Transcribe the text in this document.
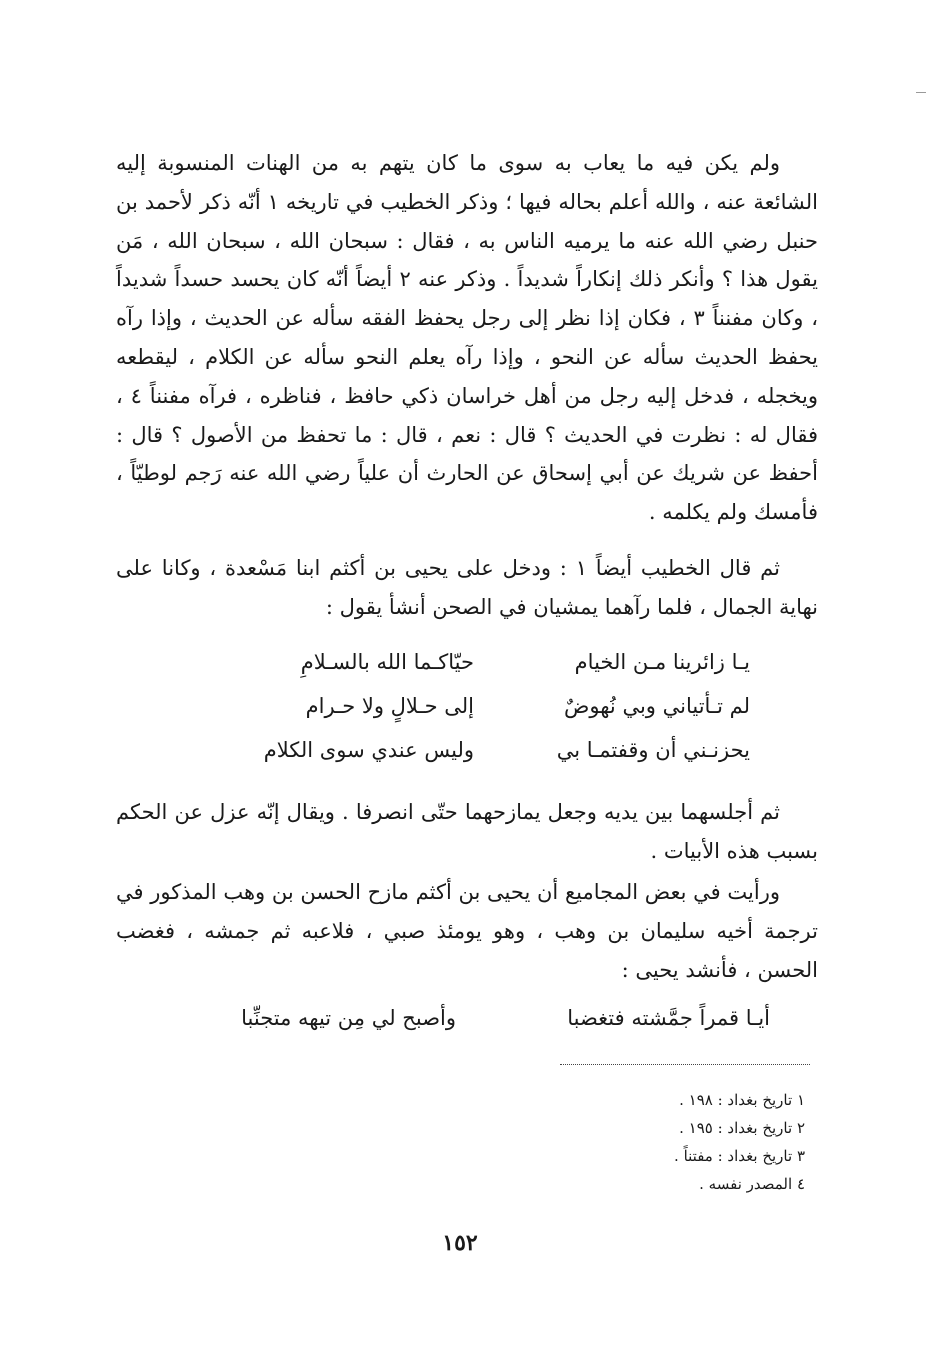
ولم يكن فيه ما يعاب به سوى ما كان يتهم به من الهنات المنسوبة إليه الشائعة عنه ، والله أعلم بحاله فيها ؛ وذكر الخطيب في تاريخه ١ أنّه ذكر لأحمد بن حنبل رضي الله عنه ما يرميه الناس به ، فقال : سبحان الله ، سبحان الله ، مَن يقول هذا ؟ وأنكر ذلك إنكاراً شديداً . وذكر عنه ٢ أيضاً أنّه كان يحسد حسداً شديداً ، وكان مفنناً ٣ ، فكان إذا نظر إلى رجل يحفظ الفقه سأله عن الحديث ، وإذا رآه يحفظ الحديث سأله عن النحو ، وإذا رآه يعلم النحو سأله عن الكلام ، ليقطعه ويخجله ، فدخل إليه رجل من أهل خراسان ذكي حافظ ، فناظره ، فرآه مفنناً ٤ ، فقال له : نظرت في الحديث ؟ قال : نعم ، قال : ما تحفظ من الأصول ؟ قال : أحفظ عن شريك عن أبي إسحاق عن الحارث أن علياً رضي الله عنه رَجم لوطيّاً ، فأمسك ولم يكلمه .

ثم قال الخطيب أيضاً ١ : ودخل على يحيى بن أكثم ابنا مَسْعدة ، وكانا على نهاية الجمال ، فلما رآهما يمشيان في الصحن أنشأ يقول :

يـا زائرينا مـن الخيام
حيّاكـما الله بالسـلامِ
لم تـأتياني وبي نُهوضٌ
إلى حـلالٍ ولا حـرام
يحزنـني أن وقفتمـا بي
وليس عندي سوى الكلام

ثم أجلسهما بين يديه وجعل يمازحهما حتّى انصرفا . ويقال إنّه عزل عن الحكم بسبب هذه الأبيات .

ورأيت في بعض المجاميع أن يحيى بن أكثم مازح الحسن بن وهب المذكور في ترجمة أخيه سليمان بن وهب ، وهو يومئذ صبي ، فلاعبه ثم جمشه ، فغضب الحسن ، فأنشد يحيى :

أيـا قمراً جمَّشته فتغضبا
وأصبح لي مِن تيهه متجنِّبا
١ تاريخ بغداد : ١٩٨ .
٢ تاريخ بغداد : ١٩٥ .
٣ تاريخ بغداد : مفتناً .
٤ المصدر نفسه .
١٥٢
